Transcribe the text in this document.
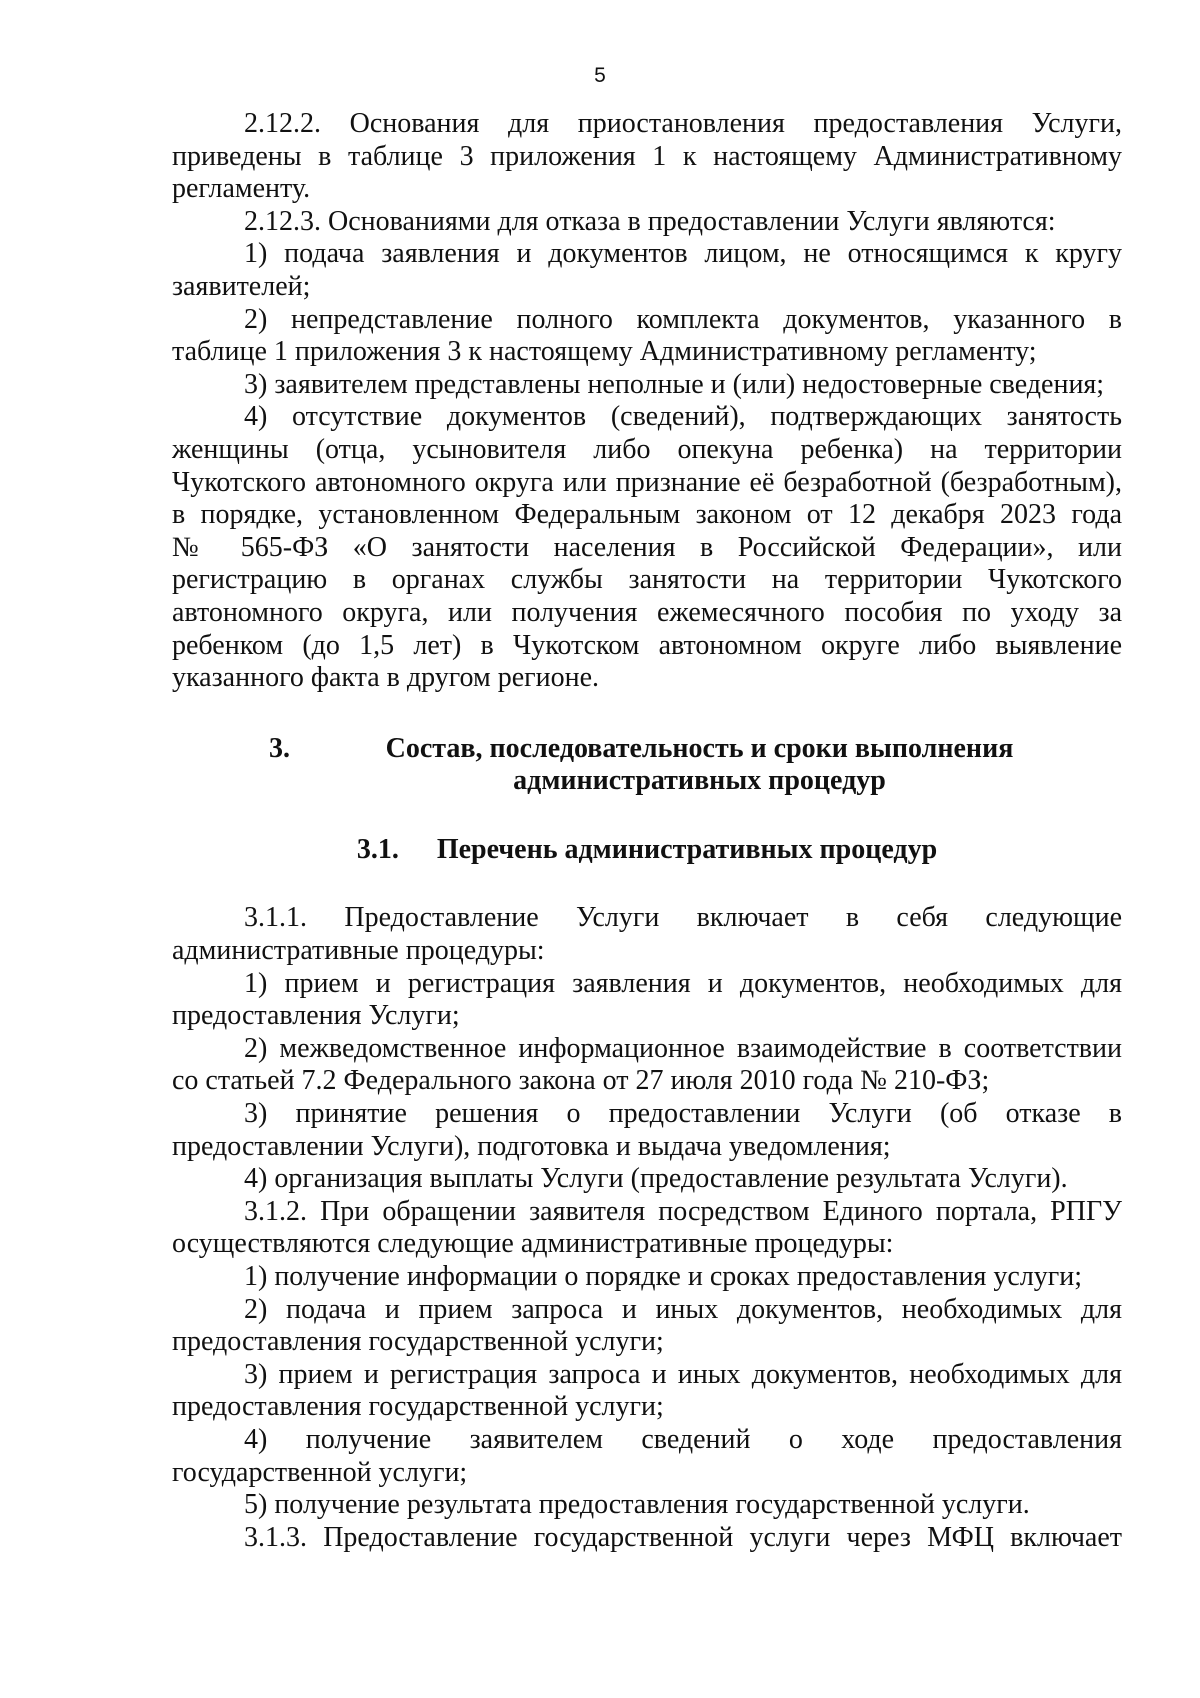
5

2.12.2. Основания для приостановления предоставления Услуги, приведены в таблице 3 приложения 1 к настоящему Административному регламенту.

2.12.3. Основаниями для отказа в предоставлении Услуги являются:

1) подача заявления и документов лицом, не относящимся к кругу заявителей;

2) непредставление полного комплекта документов, указанного в таблице 1 приложения 3 к настоящему Административному регламенту;

3) заявителем представлены неполные и (или) недостоверные сведения;

4) отсутствие документов (сведений), подтверждающих занятость женщины (отца, усыновителя либо опекуна ребенка) на территории Чукотского автономного округа или признание её безработной (безработным), в порядке, установленном Федеральным законом от 12 декабря 2023 года

№ 565-ФЗ «О занятости населения в Российской Федерации», или регистрацию в органах службы занятости на территории Чукотского автономного округа, или получения ежемесячного пособия по уходу за ребенком (до 1,5 лет) в Чукотском автономном округе либо выявление указанного факта в другом регионе.

3.	Состав, последовательность и сроки выполнения административных процедур
3.1. Перечень административных процедур

3.1.1. Предоставление Услуги включает в себя следующие административные процедуры:

1) прием и регистрация заявления и документов, необходимых для предоставления Услуги;

2) межведомственное информационное взаимодействие в соответствии со статьей 7.2 Федерального закона от 27 июля 2010 года № 210-ФЗ;

3) принятие решения о предоставлении Услуги (об отказе в предоставлении Услуги), подготовка и выдача уведомления;

4) организация выплаты Услуги (предоставление результата Услуги).

3.1.2. При обращении заявителя посредством Единого портала, РПГУ осуществляются следующие административные процедуры:

1) получение информации о порядке и сроках предоставления услуги;

2) подача и прием запроса и иных документов, необходимых для предоставления государственной услуги;

3) прием и регистрация запроса и иных документов, необходимых для предоставления государственной услуги;

4) получение заявителем сведений о ходе предоставления государственной услуги;

5) получение результата предоставления государственной услуги.

3.1.3. Предоставление государственной услуги через МФЦ включает
